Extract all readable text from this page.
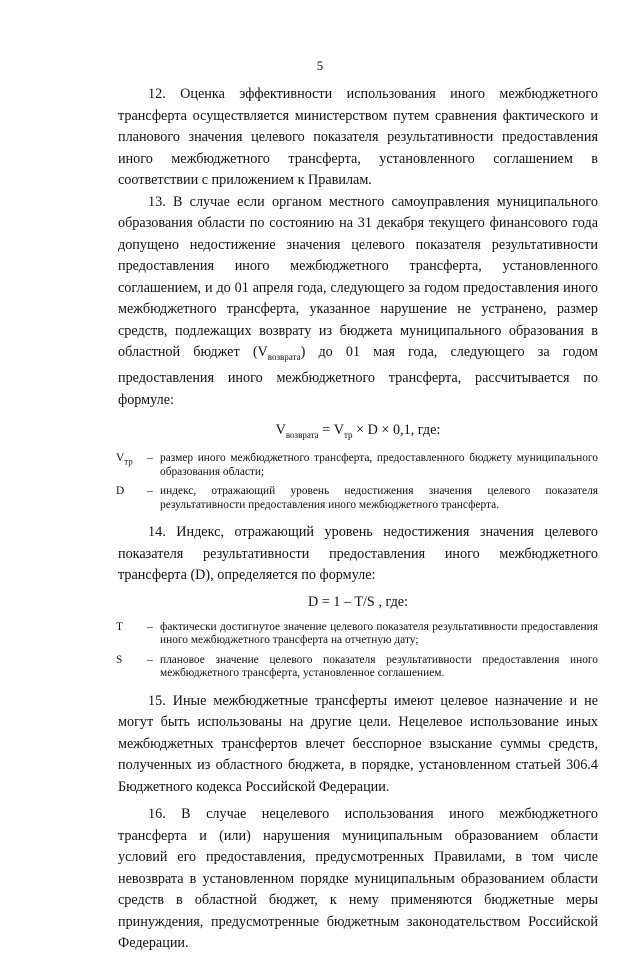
5

12. Оценка эффективности использования иного межбюджетного трансферта осуществляется министерством путем сравнения фактического и планового значения целевого показателя результативности предоставления иного межбюджетного трансферта, установленного соглашением в соответствии с приложением к Правилам.

13. В случае если органом местного самоуправления муниципального образования области по состоянию на 31 декабря текущего финансового года допущено недостижение значения целевого показателя результативности предоставления иного межбюджетного трансферта, установленного соглашением, и до 01 апреля года, следующего за годом предоставления иного межбюджетного трансферта, указанное нарушение не устранено, размер средств, подлежащих возврату из бюджета муниципального образования в областной бюджет $(V_{возврата})$ до 01 мая года, следующего за годом предоставления иного межбюджетного трансферта, рассчитывается по формуле:

$V_{возврата} = V_{тр} \times D \times 0,1$, где:

$V_{тр}$	– размер иного межбюджетного трансферта, предоставленного бюджету муниципального образования области;
D	– индекс, отражающий уровень недостижения значения целевого показателя результативности предоставления иного межбюджетного трансферта.

14. Индекс, отражающий уровень недостижения значения целевого показателя результативности предоставления иного межбюджетного трансферта (D), определяется по формуле:

D = 1 – T/S , где:

T	– фактически достигнутое значение целевого показателя результативности предоставления иного межбюджетного трансферта на отчетную дату;
S	– плановое значение целевого показателя результативности предоставления иного межбюджетного трансферта, установленное соглашением.

15. Иные межбюджетные трансферты имеют целевое назначение и не могут быть использованы на другие цели. Нецелевое использование иных межбюджетных трансфертов влечет бесспорное взыскание суммы средств, полученных из областного бюджета, в порядке, установленном статьей 306.4 Бюджетного кодекса Российской Федерации.

16. В случае нецелевого использования иного межбюджетного трансферта и (или) нарушения муниципальным образованием области условий его предоставления, предусмотренных Правилами, в том числе невозврата в установленном порядке муниципальным образованием области средств в областной бюджет, к нему применяются бюджетные меры принуждения, предусмотренные бюджетным законодательством Российской Федерации.
